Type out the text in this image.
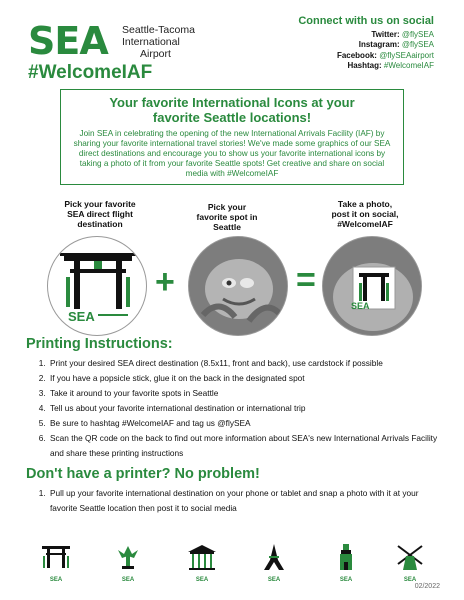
SEA Seattle-Tacoma
International
Airport
#WelcomeIAF
Connect with us on social
Twitter: @flySEA
Instagram: @flySEA
Facebook: @flySEAairport
Hashtag: #WelcomeIAF
Your favorite International Icons at your
favorite Seattle locations!

Join SEA in celebrating the opening of the new International Arrivals Facility (IAF) by sharing your favorite international travel stories! We've made some graphics of our SEA direct destinations and encourage you to show us your favorite international icons by taking a photo of it from your favorite Seattle spots! Get creative and share on social media with #WelcomeIAF

Pick your favorite
SEA direct flight
destination
Pick your
favorite spot in
Seattle
Take a photo,
post it on social,
#WelcomeIAF
SEA
+	=
SEA
Printing Instructions:
1. Print your desired SEA direct destination (8.5x11, front and back), use cardstock if possible
2. If you have a popsicle stick, glue it on the back in the designated spot
3. Take it around to your favorite spots in Seattle
4. Tell us about your favorite international destination or international trip
5. Be sure to hashtag #WelcomeIAF and tag us @flySEA
6. Scan the QR code on the back to find out more information about SEA's new International Arrivals Facility and share these printing instructions
Don't have a printer? No problem!
1. Pull up your favorite international destination on your phone or tablet and snap a photo with it at your favorite Seattle location then post it to social media
SEA	SEA	SEA	SEA	SEA	SEA
02/2022
